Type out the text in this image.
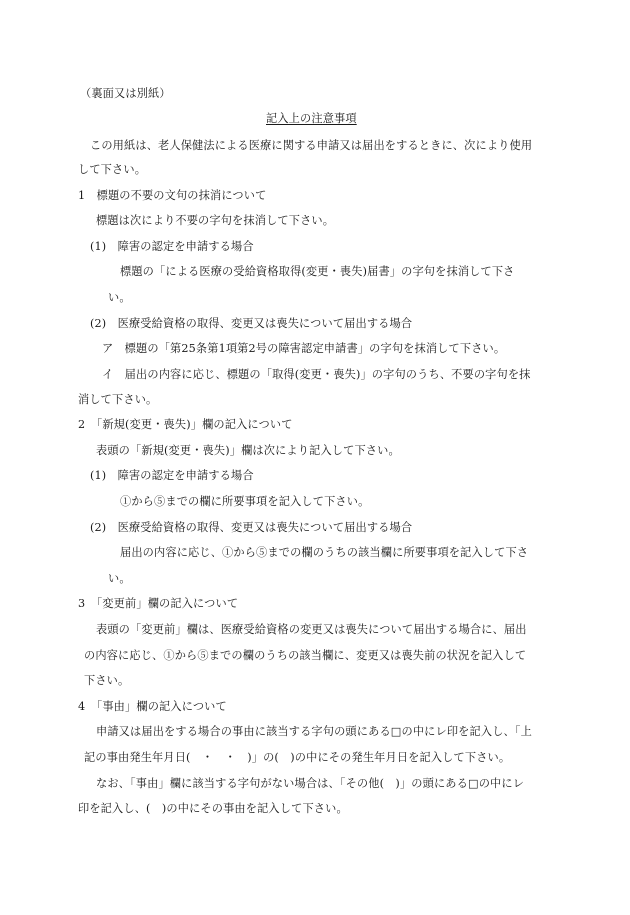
（裏面又は別紙）
記入上の注意事項
この用紙は、老人保健法による医療に関する申請又は届出をするときに、次により使用
して下さい。
1　標題の不要の文句の抹消について
標題は次により不要の字句を抹消して下さい。
(1)　障害の認定を申請する場合
標題の「による医療の受給資格取得(変更・喪失)届書」の字句を抹消して下さ
い。
(2)　医療受給資格の取得、変更又は喪失について届出する場合
ア　標題の「第25条第1項第2号の障害認定申請書」の字句を抹消して下さい。
イ　届出の内容に応じ、標題の「取得(変更・喪失)」の字句のうち、不要の字句を抹
消して下さい。
2　「新規(変更・喪失)」欄の記入について
表頭の「新規(変更・喪失)」欄は次により記入して下さい。
(1)　障害の認定を申請する場合
①から⑤までの欄に所要事項を記入して下さい。
(2)　医療受給資格の取得、変更又は喪失について届出する場合
届出の内容に応じ、①から⑤までの欄のうちの該当欄に所要事項を記入して下さ
い。
3　「変更前」欄の記入について
表頭の「変更前」欄は、医療受給資格の変更又は喪失について届出する場合に、届出
の内容に応じ、①から⑤までの欄のうちの該当欄に、変更又は喪失前の状況を記入して
下さい。
4　「事由」欄の記入について
申請又は届出をする場合の事由に該当する字句の頭にある□の中にレ印を記入し、「上
記の事由発生年月日(　・　・　)」の(　)の中にその発生年月日を記入して下さい。
なお、「事由」欄に該当する字句がない場合は、「その他(　)」の頭にある□の中にレ
印を記入し、(　)の中にその事由を記入して下さい。
